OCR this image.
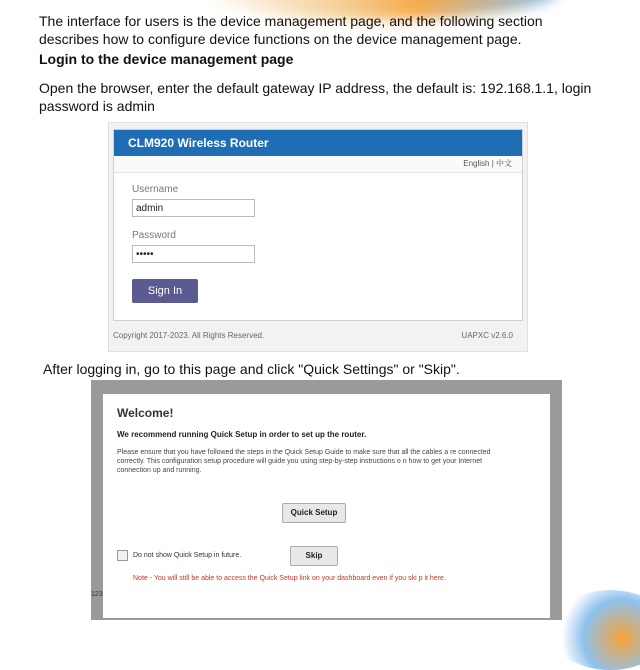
The interface for users is the device management page, and the following section describes how to configure device functions on the device management page.
Login to the device management page
Open the browser, enter the default gateway IP address, the default is: 192.168.1.1, login password is admin
CLM920 Wireless Router
English | 中文
Username
admin
Password
•••••
Sign In
Copyright 2017-2023. All Rights Reserved.	UAPXC v2.6.0
After logging in, go to this page and click "Quick Settings" or "Skip".
123
Welcome!
We recommend running Quick Setup in order to set up the router.
Please ensure that you have followed the steps in the Quick Setup Guide to make sure that all the cables a re connected correctly. This configuration setup procedure will guide you using step-by-step instructions o n how to get your Internet connection up and running.
Quick Setup
Do not show Quick Setup in future.	Skip
Note - You will still be able to access the Quick Setup link on your dashboard even if you ski p it here.
